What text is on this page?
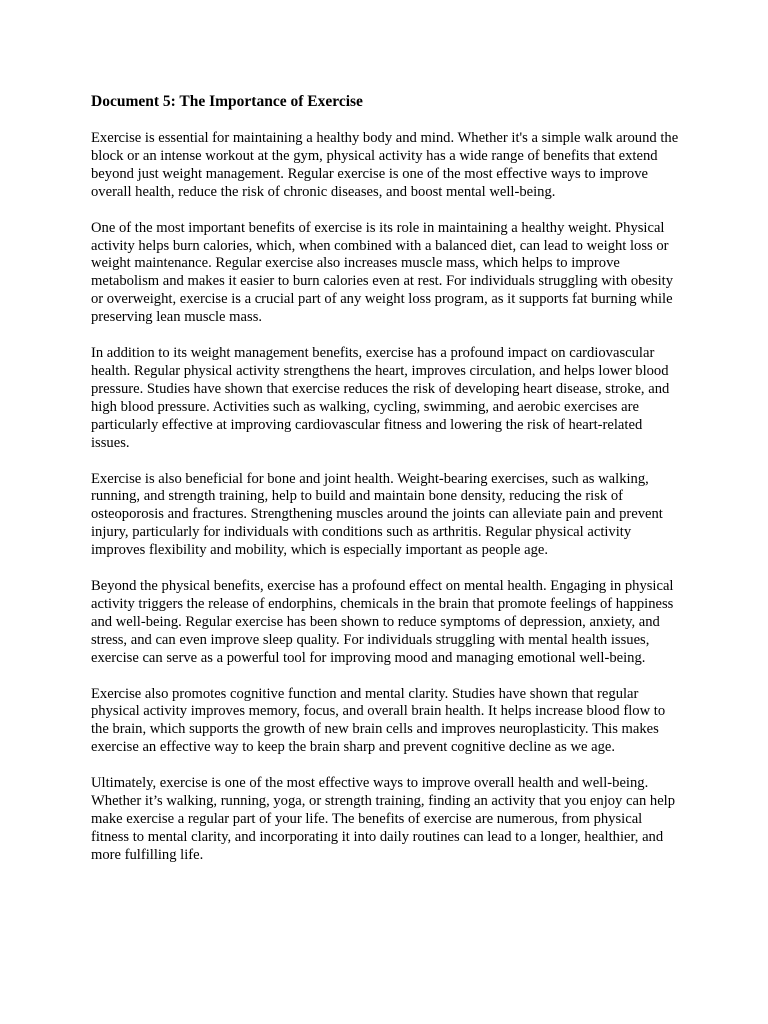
Document 5: The Importance of Exercise

Exercise is essential for maintaining a healthy body and mind. Whether it's a simple walk around the block or an intense workout at the gym, physical activity has a wide range of benefits that extend beyond just weight management. Regular exercise is one of the most effective ways to improve overall health, reduce the risk of chronic diseases, and boost mental well-being.

One of the most important benefits of exercise is its role in maintaining a healthy weight. Physical activity helps burn calories, which, when combined with a balanced diet, can lead to weight loss or weight maintenance. Regular exercise also increases muscle mass, which helps to improve metabolism and makes it easier to burn calories even at rest. For individuals struggling with obesity or overweight, exercise is a crucial part of any weight loss program, as it supports fat burning while preserving lean muscle mass.

In addition to its weight management benefits, exercise has a profound impact on cardiovascular health. Regular physical activity strengthens the heart, improves circulation, and helps lower blood pressure. Studies have shown that exercise reduces the risk of developing heart disease, stroke, and high blood pressure. Activities such as walking, cycling, swimming, and aerobic exercises are particularly effective at improving cardiovascular fitness and lowering the risk of heart-related issues.

Exercise is also beneficial for bone and joint health. Weight-bearing exercises, such as walking, running, and strength training, help to build and maintain bone density, reducing the risk of osteoporosis and fractures. Strengthening muscles around the joints can alleviate pain and prevent injury, particularly for individuals with conditions such as arthritis. Regular physical activity improves flexibility and mobility, which is especially important as people age.

Beyond the physical benefits, exercise has a profound effect on mental health. Engaging in physical activity triggers the release of endorphins, chemicals in the brain that promote feelings of happiness and well-being. Regular exercise has been shown to reduce symptoms of depression, anxiety, and stress, and can even improve sleep quality. For individuals struggling with mental health issues, exercise can serve as a powerful tool for improving mood and managing emotional well-being.

Exercise also promotes cognitive function and mental clarity. Studies have shown that regular physical activity improves memory, focus, and overall brain health. It helps increase blood flow to the brain, which supports the growth of new brain cells and improves neuroplasticity. This makes exercise an effective way to keep the brain sharp and prevent cognitive decline as we age.

Ultimately, exercise is one of the most effective ways to improve overall health and well-being. Whether it’s walking, running, yoga, or strength training, finding an activity that you enjoy can help make exercise a regular part of your life. The benefits of exercise are numerous, from physical fitness to mental clarity, and incorporating it into daily routines can lead to a longer, healthier, and more fulfilling life.
